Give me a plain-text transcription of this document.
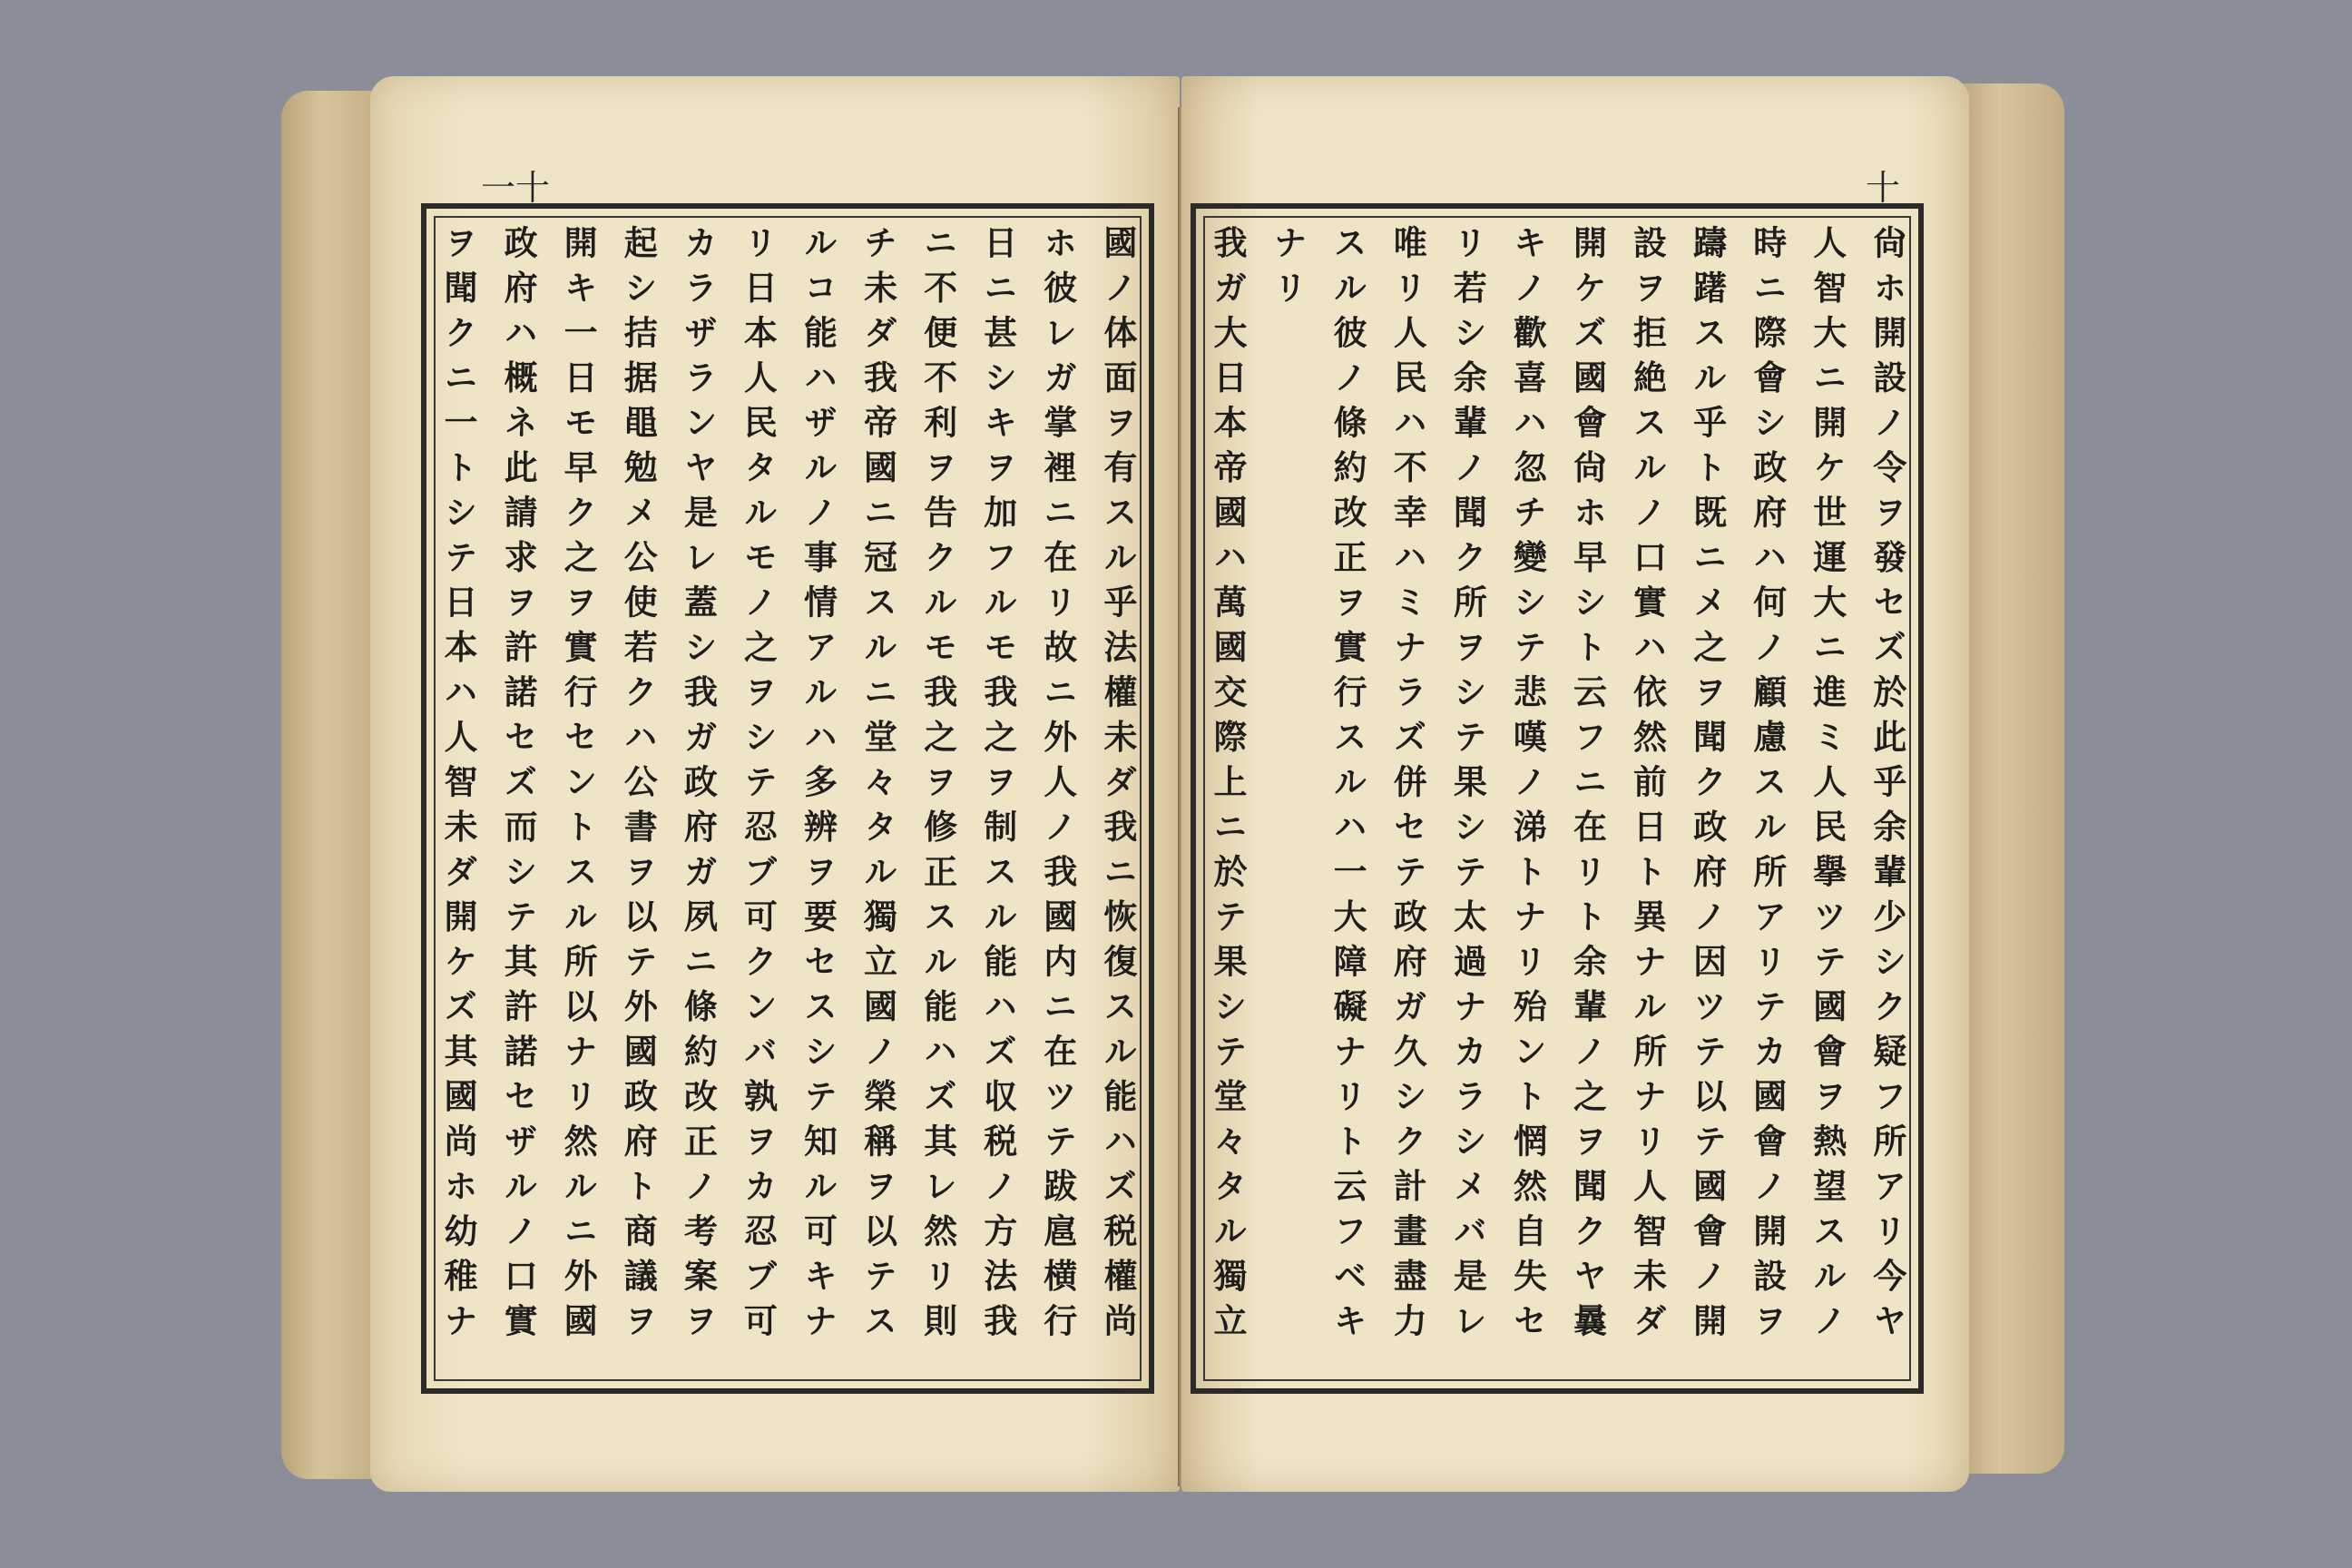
一十
國ノ体面ヲ有スル乎法權未ダ我ニ恢復スル能ハズ税權尚
ホ彼レガ掌裡ニ在リ故ニ外人ノ我國内ニ在ツテ跋扈横行
日ニ甚シキヲ加フルモ我之ヲ制スル能ハズ収税ノ方法我
ニ不便不利ヲ告クルモ我之ヲ修正スル能ハズ其レ然リ則
チ未ダ我帝國ニ冠スルニ堂々タル獨立國ノ榮稱ヲ以テス
ルコ能ハザルノ事情アルハ多辨ヲ要セスシテ知ル可キナ
リ日本人民タルモノ之ヲシテ忍ブ可クンバ孰ヲカ忍ブ可
カラザランヤ是レ蓋シ我ガ政府ガ夙ニ條約改正ノ考案ヲ
起シ拮据黽勉メ公使若クハ公書ヲ以テ外國政府ト商議ヲ
開キ一日モ早ク之ヲ實行セントスル所以ナリ然ルニ外國
政府ハ概ネ此請求ヲ許諾セズ而シテ其許諾セザルノ口實
ヲ聞クニ一トシテ日本ハ人智未ダ開ケズ其國尚ホ幼稚ナ
十
尙ホ開設ノ令ヲ發セズ於此乎余輩少シク疑フ所アリ今ヤ
人智大ニ開ケ世運大ニ進ミ人民擧ツテ國會ヲ熱望スルノ
時ニ際會シ政府ハ何ノ顧慮スル所アリテカ國會ノ開設ヲ
躊躇スル乎ト既ニメ之ヲ聞ク政府ノ因ツテ以テ國會ノ開
設ヲ拒絶スルノ口實ハ依然前日ト異ナル所ナリ人智未ダ
開ケズ國會尙ホ早シト云フニ在リト余輩ノ之ヲ聞クヤ曩
キノ歡喜ハ忽チ變シテ悲嘆ノ涕トナリ殆ント惘然自失セ
リ若シ余輩ノ聞ク所ヲシテ果シテ太過ナカラシメバ是レ
唯リ人民ハ不幸ハミナラズ併セテ政府ガ久シク計畫盡力
スル彼ノ條約改正ヲ實行スルハ一大障礙ナリト云フベキ
ナリ
我ガ大日本帝國ハ萬國交際上ニ於テ果シテ堂々タル獨立
